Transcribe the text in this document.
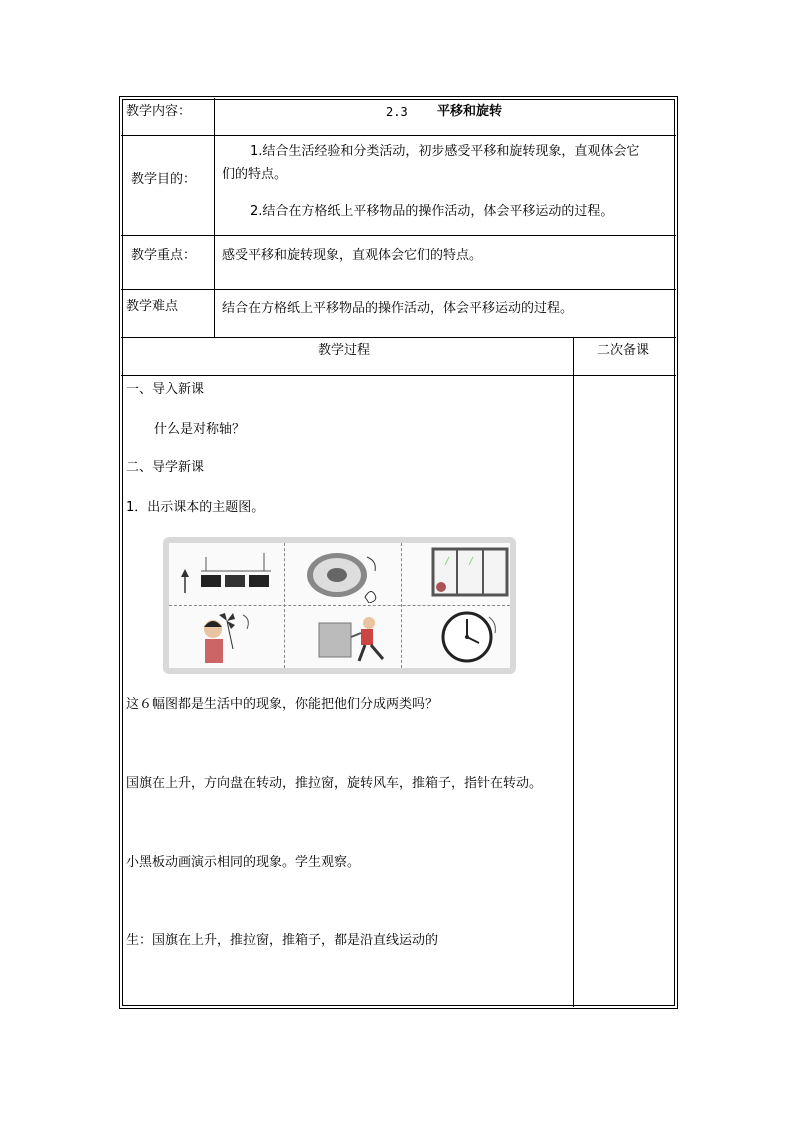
教学内容：	2.3 平移和旋转
教学目的：
1.结合生活经验和分类活动，初步感受平移和旋转现象，直观体会它
们的特点。
2.结合在方格纸上平移物品的操作活动，体会平移运动的过程。
教学重点： 感受平移和旋转现象，直观体会它们的特点。
教学难点	结合在方格纸上平移物品的操作活动，体会平移运动的过程。
教学过程	二次备课
一、导入新课
什么是对称轴？
二、导学新课
1．出示课本的主题图。
这６幅图都是生活中的现象，你能把他们分成两类吗？
国旗在上升，方向盘在转动，推拉窗，旋转风车，推箱子，指针在转动。
小黑板动画演示相同的现象。学生观察。
生：国旗在上升，推拉窗，推箱子，都是沿直线运动的
